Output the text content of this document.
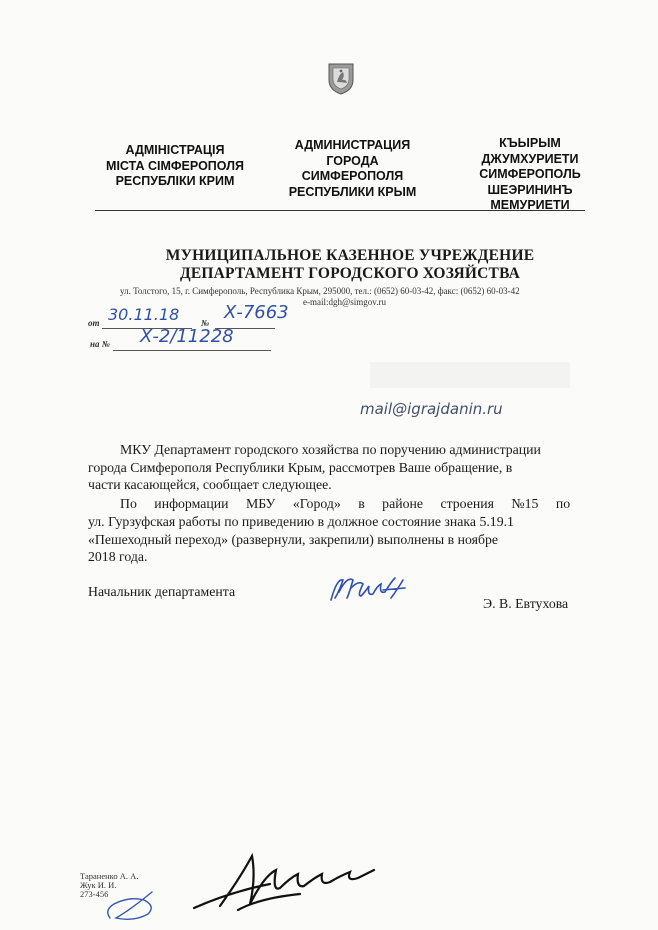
АДМІНІСТРАЦІЯ
МІСТА СІМФЕРОПОЛЯ
РЕСПУБЛІКИ КРИМ
АДМИНИСТРАЦИЯ
ГОРОДА
СИМФЕРОПОЛЯ
РЕСПУБЛИКИ КРЫМ
КЪЫРЫМ
ДЖУМХУРИЕТИ
СИМФЕРОПОЛЬ
ШЕЭРИНИНЪ
МЕМУРИЕТИ
МУНИЦИПАЛЬНОЕ КАЗЕННОЕ УЧРЕЖДЕНИЕ
ДЕПАРТАМЕНТ ГОРОДСКОГО ХОЗЯЙСТВА
ул. Толстого, 15, г. Симферополь, Республика Крым, 295000, тел.: (0652) 60-03-42, факс: (0652) 60-03-42
e-mail:dgh@simgov.ru
от 30.11.18 № Х-7663
на № Х-2/11228
mail@igrajdanin.ru
МКУ Департамент городского хозяйства по поручению администрации
города Симферополя Республики Крым, рассмотрев Ваше обращение, в
части касающейся, сообщает следующее.
По информации МБУ «Город» в районе строения №15 по
ул. Гурзуфская работы по приведению в должное состояние знака 5.19.1
«Пешеходный переход» (развернули, закрепили) выполнены в ноябре
2018 года.
Начальник департамента
Э. В. Евтухова
Тараненко А. А.
Жук И. И.
273-456
